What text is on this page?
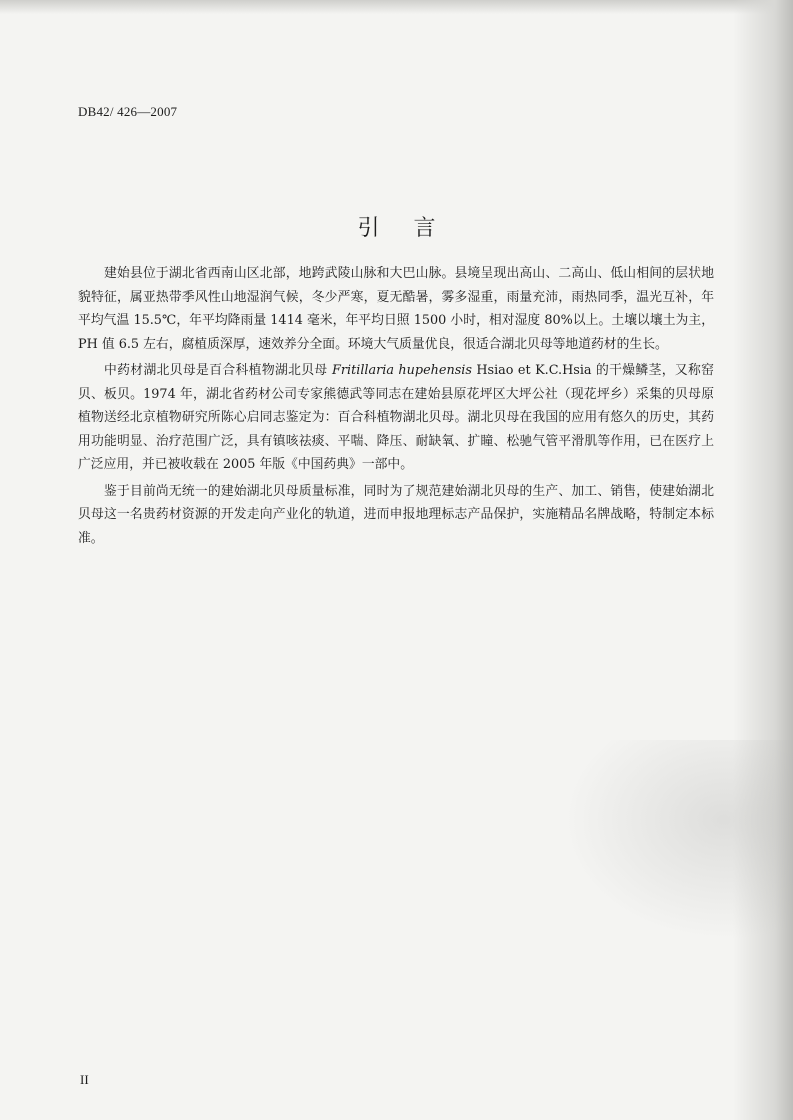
DB42/ 426—2007
引言

建始县位于湖北省西南山区北部，地跨武陵山脉和大巴山脉。县境呈现出高山、二高山、低山相间的层状地貌特征，属亚热带季风性山地湿润气候，冬少严寒，夏无酷暑，雾多湿重，雨量充沛，雨热同季，温光互补，年平均气温 15.5℃，年平均降雨量 1414 毫米，年平均日照 1500 小时，相对湿度 80%以上。土壤以壤土为主，PH 值 6.5 左右，腐植质深厚，速效养分全面。环境大气质量优良，很适合湖北贝母等地道药材的生长。

中药材湖北贝母是百合科植物湖北贝母 Fritillaria hupehensis Hsiao et K.C.Hsia 的干燥鳞茎，又称窑贝、板贝。1974 年，湖北省药材公司专家熊德武等同志在建始县原花坪区大坪公社（现花坪乡）采集的贝母原植物送经北京植物研究所陈心启同志鉴定为：百合科植物湖北贝母。湖北贝母在我国的应用有悠久的历史，其药用功能明显、治疗范围广泛，具有镇咳祛痰、平喘、降压、耐缺氧、扩瞳、松驰气管平滑肌等作用，已在医疗上广泛应用，并已被收载在 2005 年版《中国药典》一部中。

鉴于目前尚无统一的建始湖北贝母质量标准，同时为了规范建始湖北贝母的生产、加工、销售，使建始湖北贝母这一名贵药材资源的开发走向产业化的轨道，进而申报地理标志产品保护，实施精品名牌战略，特制定本标准。

II
